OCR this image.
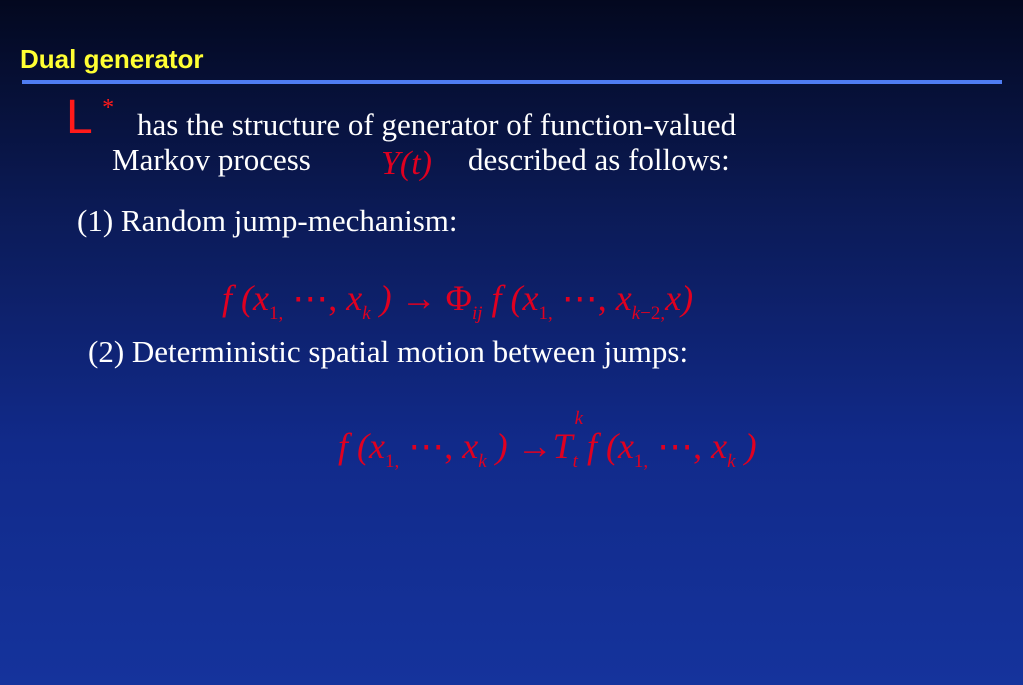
Dual generator
L * has the structure of generator of function-valued
Markov process Y(t) described as follows:
(1) Random jump-mechanism:
f ($x_{1,}$ ⋯, $x_k$ ) → $\Phi_{ij}$ f ($x_{1,}$ ⋯, $x_{k-2,}x$)
(2) Deterministic spatial motion between jumps:
f ($x_{1,}$ ⋯, $x_k$ ) →T
k
$_t$ f ($x_{1,}$ ⋯, $x_k$ )
